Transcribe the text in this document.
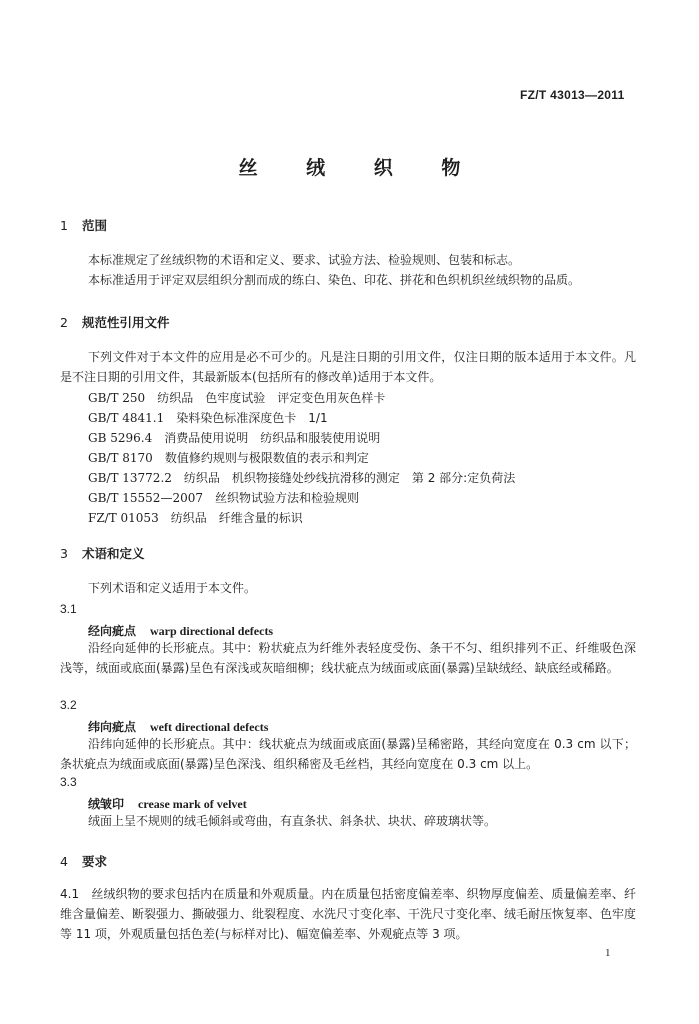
FZ/T 43013—2011
丝 绒 织 物
1 范围
本标准规定了丝绒织物的术语和定义、要求、试验方法、检验规则、包装和标志。
本标准适用于评定双层组织分割而成的练白、染色、印花、拼花和色织机织丝绒织物的品质。
2 规范性引用文件
下列文件对于本文件的应用是必不可少的。凡是注日期的引用文件，仅注日期的版本适用于本文件。凡是不注日期的引用文件，其最新版本(包括所有的修改单)适用于本文件。
GB/T 250　 纺织品　色牢度试验　评定变色用灰色样卡
GB/T 4841.1　 染料染色标准深度色卡　1/1
GB 5296.4　 消费品使用说明　纺织品和服装使用说明
GB/T 8170　 数值修约规则与极限数值的表示和判定
GB/T 13772.2　 纺织品　机织物接缝处纱线抗滑移的测定　第 2 部分:定负荷法
GB/T 15552—2007　 丝织物试验方法和检验规则
FZ/T 01053　 纺织品　纤维含量的标识
3 术语和定义
下列术语和定义适用于本文件。
3.1
经向疵点 warp directional defects
沿经向延伸的长形疵点。其中：粉状疵点为纤维外表轻度受伤、条干不匀、组织排列不正、纤维吸色深浅等，绒面或底面(暴露)呈色有深浅或灰暗细柳；线状疵点为绒面或底面(暴露)呈缺绒经、缺底经或稀路。
3.2
纬向疵点 weft directional defects
沿纬向延伸的长形疵点。其中：线状疵点为绒面或底面(暴露)呈稀密路，其经向宽度在 0.3 cm 以下；条状疵点为绒面或底面(暴露)呈色深浅、组织稀密及毛丝档，其经向宽度在 0.3 cm 以上。
3.3
绒皱印 crease mark of velvet
绒面上呈不规则的绒毛倾斜或弯曲，有直条状、斜条状、块状、碎玻璃状等。
4 要求
4.1　 丝绒织物的要求包括内在质量和外观质量。内在质量包括密度偏差率、织物厚度偏差、质量偏差率、纤维含量偏差、断裂强力、撕破强力、纰裂程度、水洗尺寸变化率、干洗尺寸变化率、绒毛耐压恢复率、色牢度等 11 项，外观质量包括色差(与标样对比)、幅宽偏差率、外观疵点等 3 项。
1
